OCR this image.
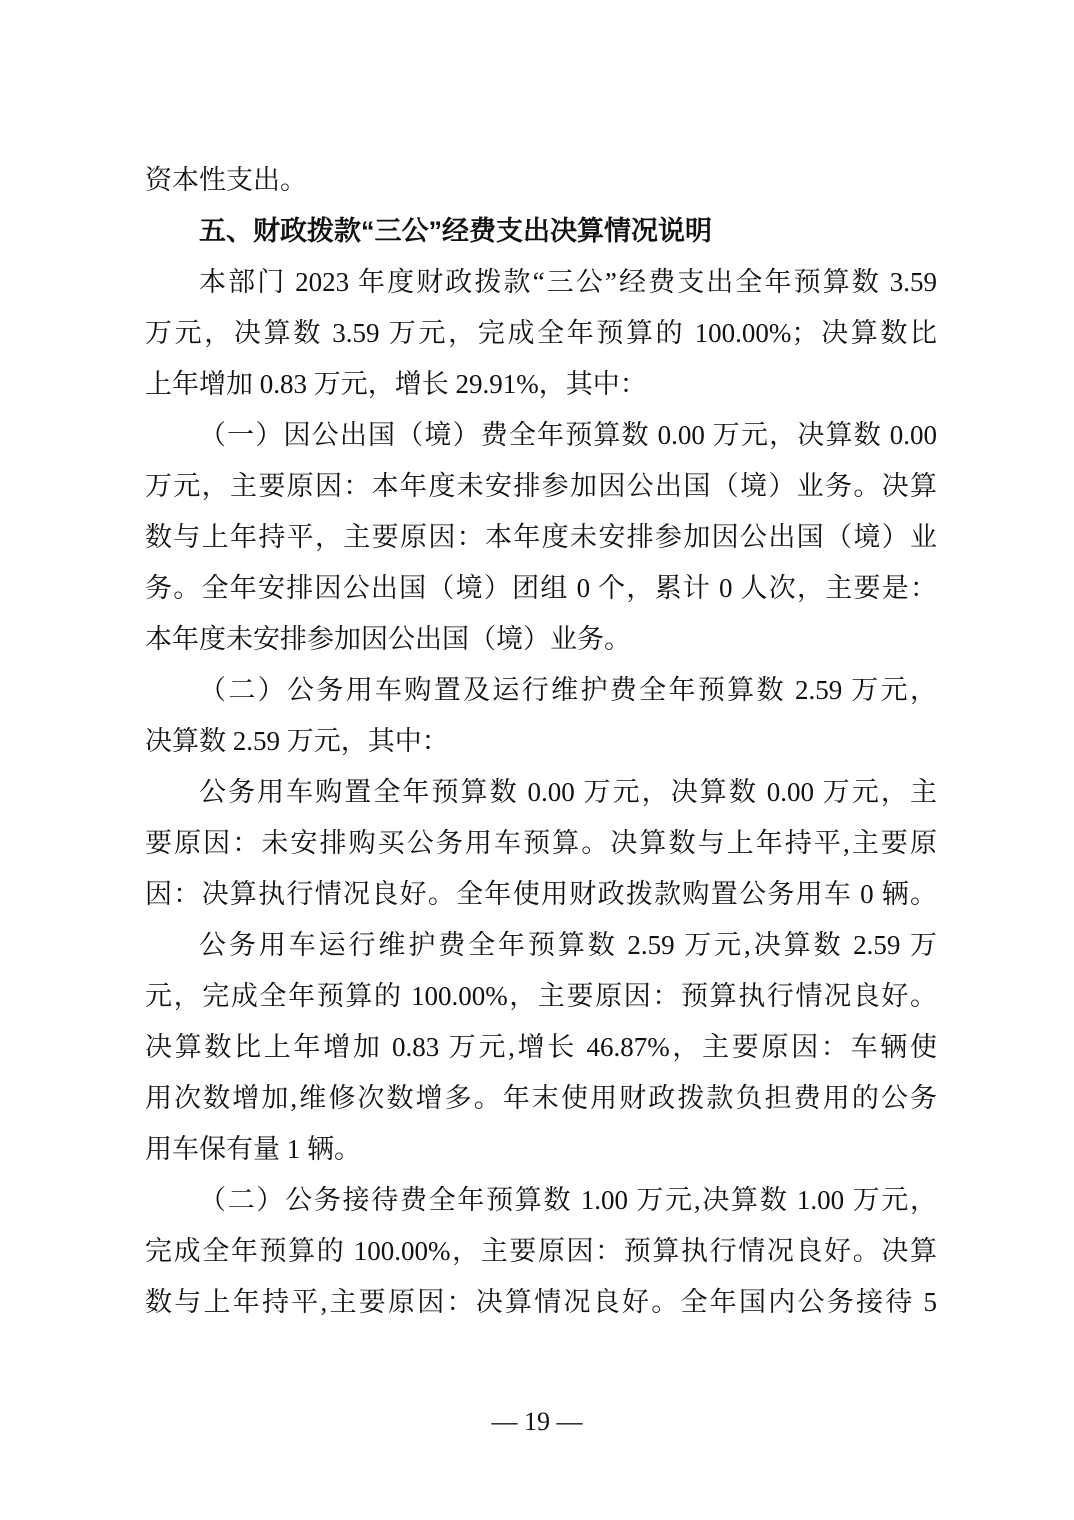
资本性支出。
五、财政拨款“三公”经费支出决算情况说明
本部门 2023 年度财政拨款“三公”经费支出全年预算数 3.59
万元，决算数 3.59 万元，完成全年预算的 100.00%；决算数比
上年增加 0.83 万元，增长 29.91%，其中：
（一）因公出国（境）费全年预算数 0.00 万元，决算数 0.00
万元，主要原因：本年度未安排参加因公出国（境）业务。决算
数与上年持平，主要原因：本年度未安排参加因公出国（境）业
务。全年安排因公出国（境）团组 0 个，累计 0 人次，主要是：
本年度未安排参加因公出国（境）业务。
（二）公务用车购置及运行维护费全年预算数 2.59 万元，
决算数 2.59 万元，其中：
公务用车购置全年预算数 0.00 万元，决算数 0.00 万元，主
要原因：未安排购买公务用车预算。决算数与上年持平,主要原
因：决算执行情况良好。全年使用财政拨款购置公务用车 0 辆。
公务用车运行维护费全年预算数 2.59 万元,决算数 2.59 万
元，完成全年预算的 100.00%，主要原因：预算执行情况良好。
决算数比上年增加 0.83 万元,增长 46.87%，主要原因：车辆使
用次数增加,维修次数增多。年末使用财政拨款负担费用的公务
用车保有量 1 辆。
（二）公务接待费全年预算数 1.00 万元,决算数 1.00 万元，
完成全年预算的 100.00%，主要原因：预算执行情况良好。决算
数与上年持平,主要原因：决算情况良好。全年国内公务接待 5
— 19 —
